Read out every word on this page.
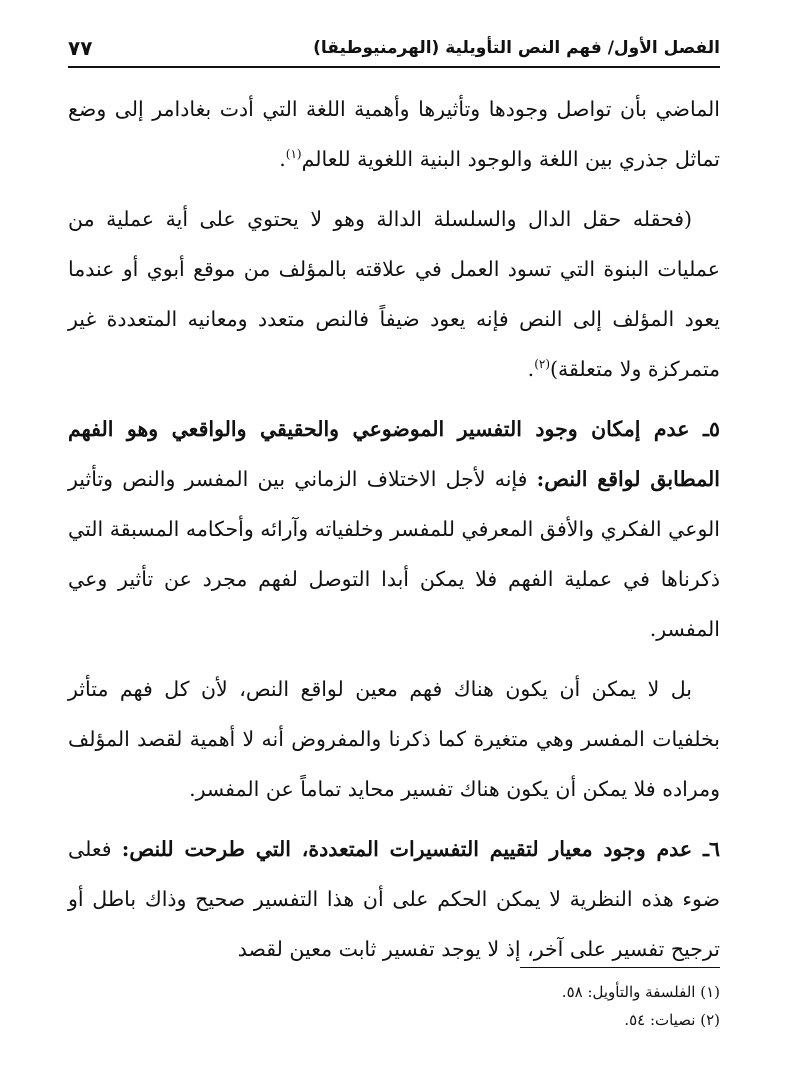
الفصل الأول/ فهم النص التأويلية (الهرمنيوطيقا)
٧٧

الماضي بأن تواصل وجودها وتأثيرها وأهمية اللغة التي أدت بغادامر إلى وضع تماثل جذري بين اللغة والوجود البنية اللغوية للعالم$^{(١)}$.

(فحقله حقل الدال والسلسلة الدالة وهو لا يحتوي على أية عملية من عمليات البنوة التي تسود العمل في علاقته بالمؤلف من موقع أبوي أو عندما يعود المؤلف إلى النص فإنه يعود ضيفاً فالنص متعدد ومعانيه المتعددة غير متمركزة ولا متعلقة)$^{(٢)}$.

٥ـ عدم إمكان وجود التفسير الموضوعي والحقيقي والواقعي وهو الفهم المطابق لواقع النص: فإنه لأجل الاختلاف الزماني بين المفسر والنص وتأثير الوعي الفكري والأفق المعرفي للمفسر وخلفياته وآرائه وأحكامه المسبقة التي ذكرناها في عملية الفهم فلا يمكن أبدا التوصل لفهم مجرد عن تأثير وعي المفسر.

بل لا يمكن أن يكون هناك فهم معين لواقع النص، لأن كل فهم متأثر بخلفيات المفسر وهي متغيرة كما ذكرنا والمفروض أنه لا أهمية لقصد المؤلف ومراده فلا يمكن أن يكون هناك تفسير محايد تماماً عن المفسر.

٦ـ عدم وجود معيار لتقييم التفسيرات المتعددة، التي طرحت للنص: فعلى ضوء هذه النظرية لا يمكن الحكم على أن هذا التفسير صحيح وذاك باطل أو ترجيح تفسير على آخر، إذ لا يوجد تفسير ثابت معين لقصد

(١) الفلسفة والتأويل: ٥٨.
(٢) نصيات: ٥٤.
